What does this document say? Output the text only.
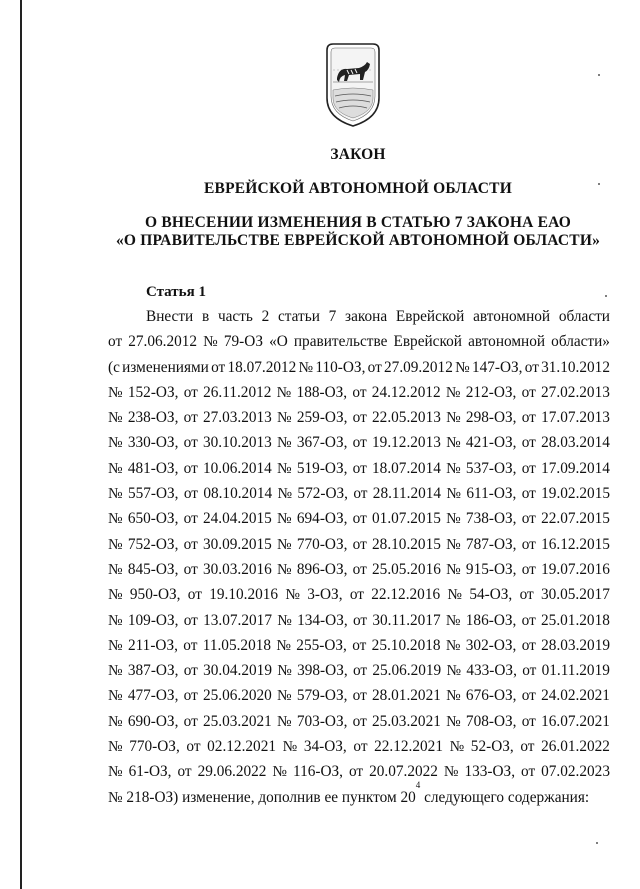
ЗАКОН
ЕВРЕЙСКОЙ АВТОНОМНОЙ ОБЛАСТИ
О ВНЕСЕНИИ ИЗМЕНЕНИЯ В СТАТЬЮ 7 ЗАКОНА ЕАО
«О ПРАВИТЕЛЬСТВЕ ЕВРЕЙСКОЙ АВТОНОМНОЙ ОБЛАСТИ»
Статья 1
Внести в часть 2 статьи 7 закона Еврейской автономной области
от 27.06.2012 № 79-ОЗ «О правительстве Еврейской автономной области»
(с изменениями от 18.07.2012 № 110-ОЗ, от 27.09.2012 № 147-ОЗ, от 31.10.2012
№ 152-ОЗ, от 26.11.2012 № 188-ОЗ, от 24.12.2012 № 212-ОЗ, от 27.02.2013
№ 238-ОЗ, от 27.03.2013 № 259-ОЗ, от 22.05.2013 № 298-ОЗ, от 17.07.2013
№ 330-ОЗ, от 30.10.2013 № 367-ОЗ, от 19.12.2013 № 421-ОЗ, от 28.03.2014
№ 481-ОЗ, от 10.06.2014 № 519-ОЗ, от 18.07.2014 № 537-ОЗ, от 17.09.2014
№ 557-ОЗ, от 08.10.2014 № 572-ОЗ, от 28.11.2014 № 611-ОЗ, от 19.02.2015
№ 650-ОЗ, от 24.04.2015 № 694-ОЗ, от 01.07.2015 № 738-ОЗ, от 22.07.2015
№ 752-ОЗ, от 30.09.2015 № 770-ОЗ, от 28.10.2015 № 787-ОЗ, от 16.12.2015
№ 845-ОЗ, от 30.03.2016 № 896-ОЗ, от 25.05.2016 № 915-ОЗ, от 19.07.2016
№ 950-ОЗ, от 19.10.2016 № 3-ОЗ, от 22.12.2016 № 54-ОЗ, от 30.05.2017
№ 109-ОЗ, от 13.07.2017 № 134-ОЗ, от 30.11.2017 № 186-ОЗ, от 25.01.2018
№ 211-ОЗ, от 11.05.2018 № 255-ОЗ, от 25.10.2018 № 302-ОЗ, от 28.03.2019
№ 387-ОЗ, от 30.04.2019 № 398-ОЗ, от 25.06.2019 № 433-ОЗ, от 01.11.2019
№ 477-ОЗ, от 25.06.2020 № 579-ОЗ, от 28.01.2021 № 676-ОЗ, от 24.02.2021
№ 690-ОЗ, от 25.03.2021 № 703-ОЗ, от 25.03.2021 № 708-ОЗ, от 16.07.2021
№ 770-ОЗ, от 02.12.2021 № 34-ОЗ, от 22.12.2021 № 52-ОЗ, от 26.01.2022
№ 61-ОЗ, от 29.06.2022 № 116-ОЗ, от 20.07.2022 № 133-ОЗ, от 07.02.2023
№ 218-ОЗ) изменение, дополнив ее пунктом 20
4
следующего содержания:
